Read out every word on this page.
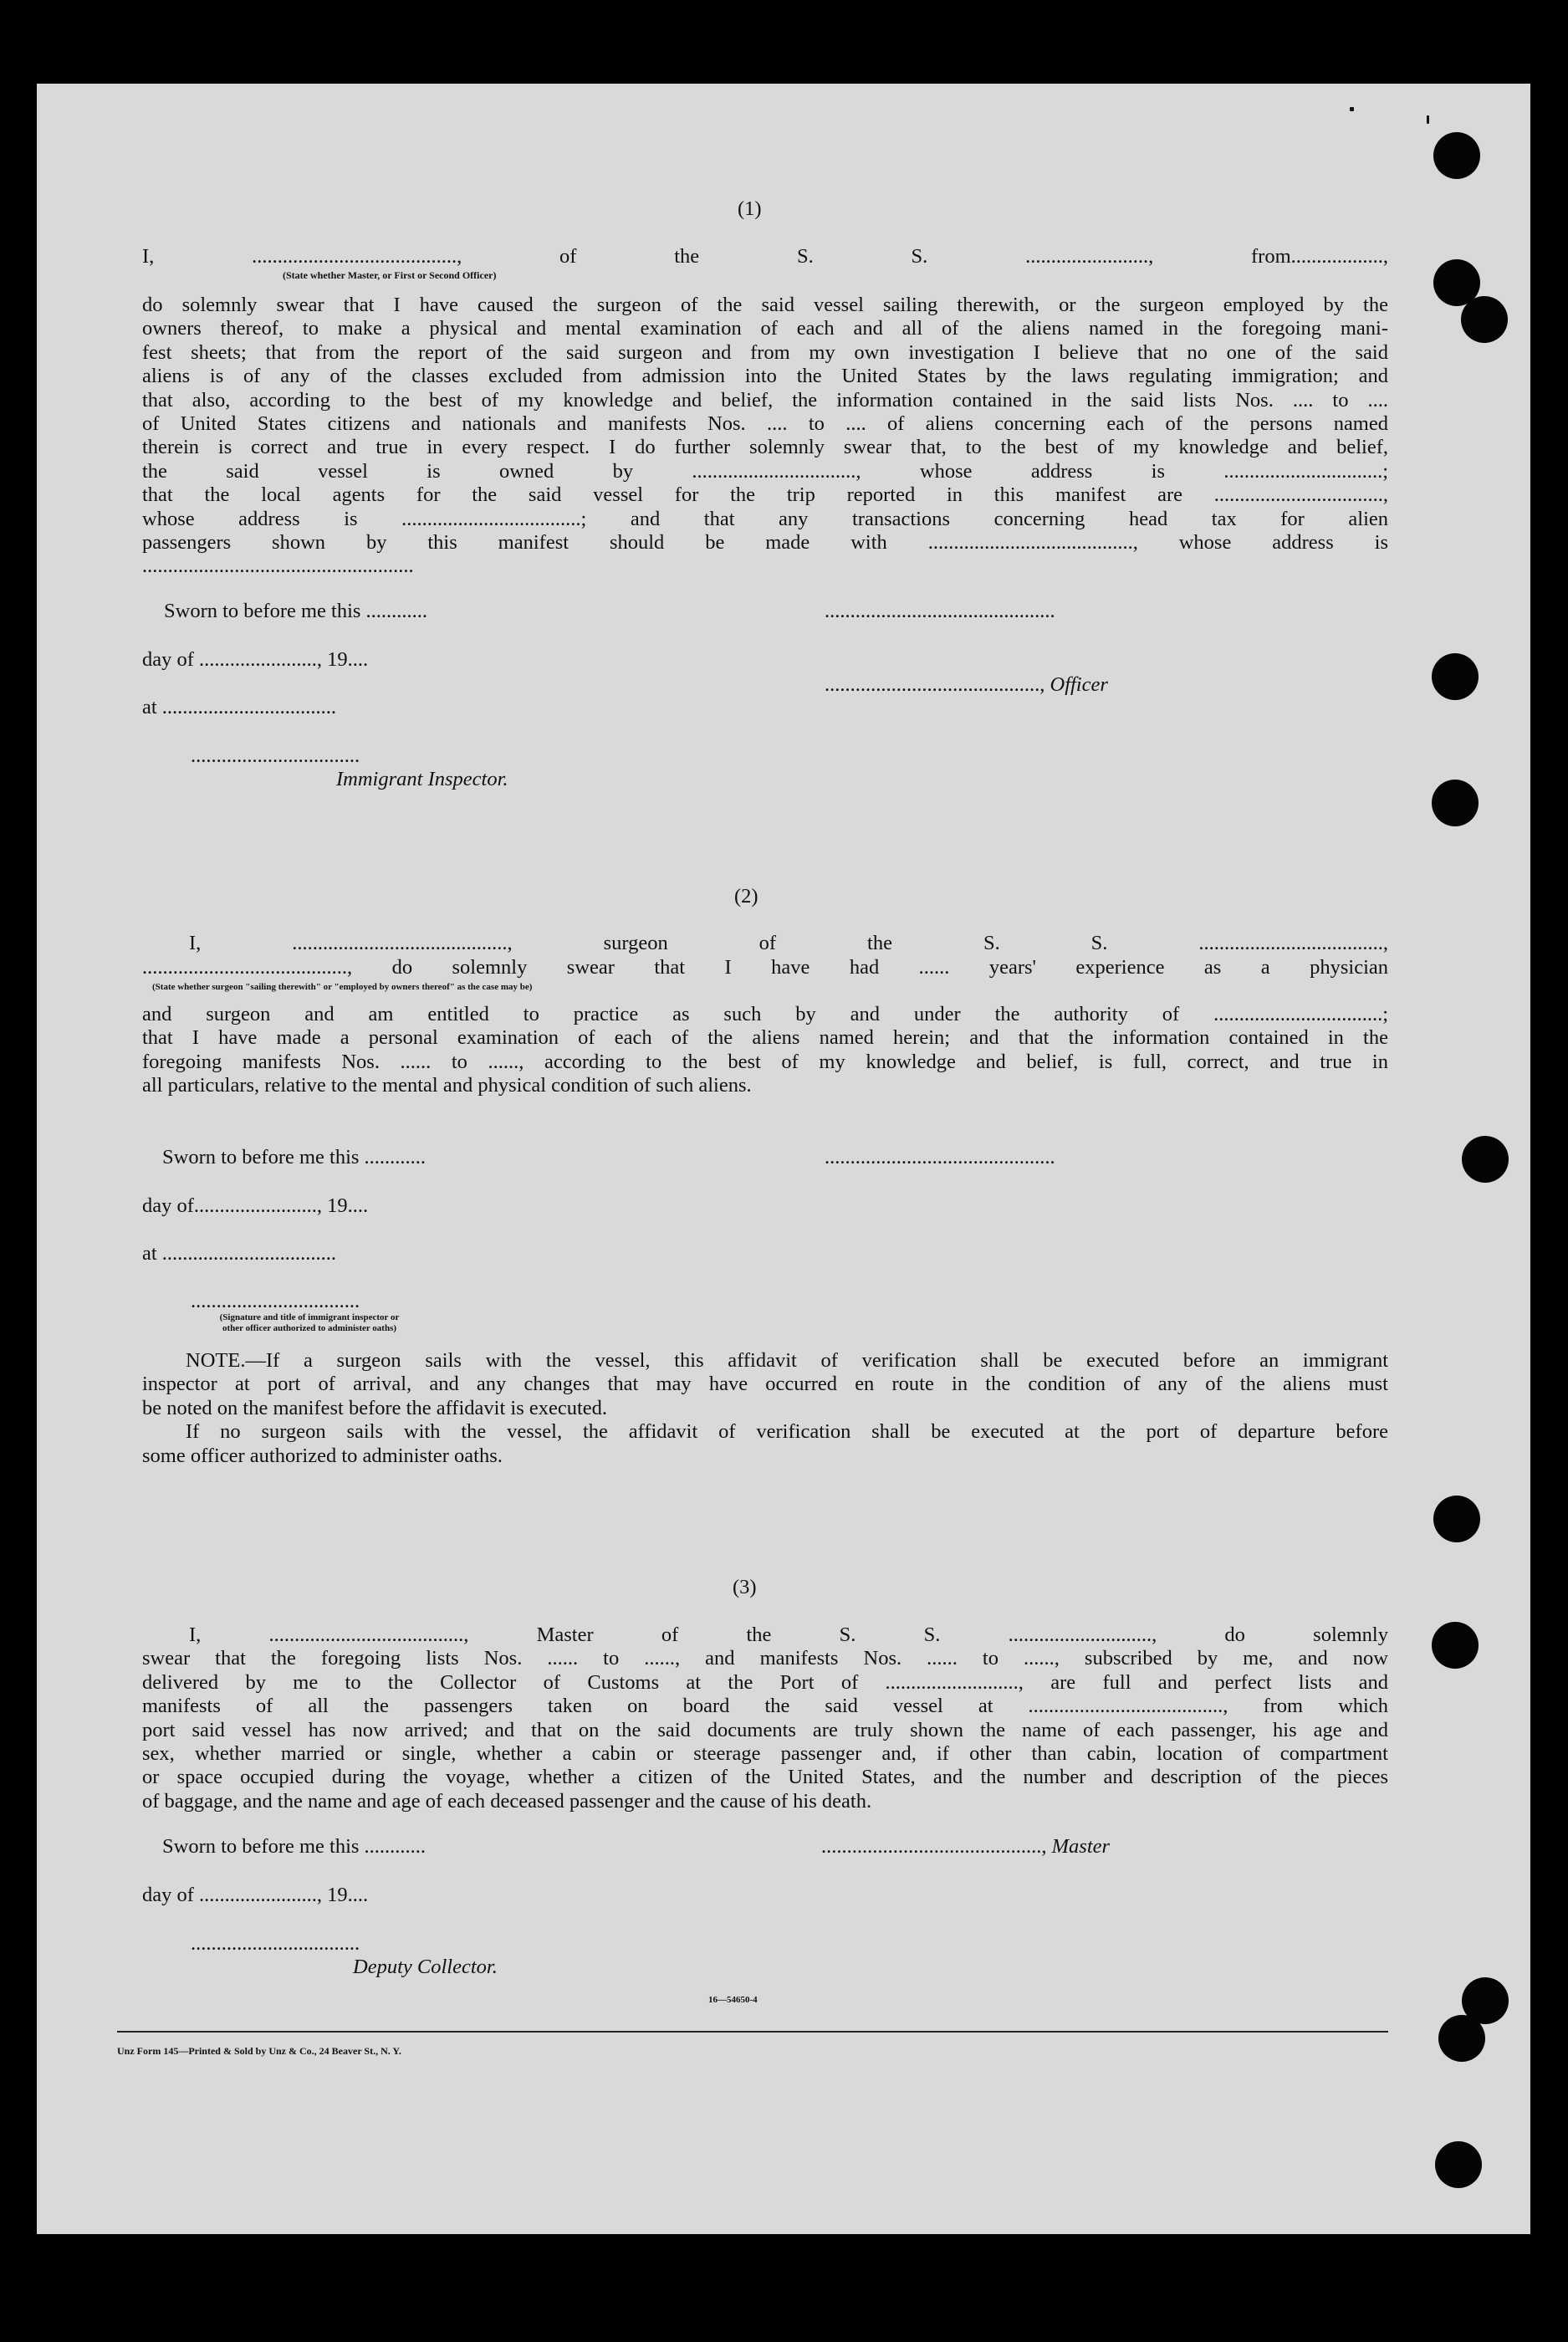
(1)
I, ........................................, of the S. S. ........................, from..................,
(State whether Master, or First or Second Officer)
do solemnly swear that I have caused the surgeon of the said vessel sailing therewith, or the surgeon employed by the
owners thereof, to make a physical and mental examination of each and all of the aliens named in the foregoing mani-
fest sheets; that from the report of the said surgeon and from my own investigation I believe that no one of the said
aliens is of any of the classes excluded from admission into the United States by the laws regulating immigration; and
that also, according to the best of my knowledge and belief, the information contained in the said lists Nos. .... to ....
of United States citizens and nationals and manifests Nos. .... to .... of aliens concerning each of the persons named
therein is correct and true in every respect. I do further solemnly swear that, to the best of my knowledge and belief,
the said vessel is owned by ................................, whose address is ...............................;
that the local agents for the said vessel for the trip reported in this manifest are .................................,
whose address is ...................................; and that any transactions concerning head tax for alien
passengers shown by this manifest should be made with ........................................, whose address is
.....................................................
Sworn to before me this ............
day of ......................., 19....
at ..................................
.................................
Immigrant Inspector.
.............................................
.........................................., Officer
(2)
I, .........................................., surgeon of the S. S. ....................................,
........................................, do solemnly swear that I have had ...... years' experience as a physician
(State whether surgeon "sailing therewith" or "employed by owners thereof" as the case may be)
and surgeon and am entitled to practice as such by and under the authority of .................................;
that I have made a personal examination of each of the aliens named herein; and that the information contained in the
foregoing manifests Nos. ...... to ......, according to the best of my knowledge and belief, is full, correct, and true in
all particulars, relative to the mental and physical condition of such aliens.
Sworn to before me this ............
day of........................, 19....
at ..................................
.................................
(Signature and title of immigrant inspector or
other officer authorized to administer oaths)
.............................................
NOTE.—If a surgeon sails with the vessel, this affidavit of verification shall be executed before an immigrant
inspector at port of arrival, and any changes that may have occurred en route in the condition of any of the aliens must
be noted on the manifest before the affidavit is executed.
If no surgeon sails with the vessel, the affidavit of verification shall be executed at the port of departure before
some officer authorized to administer oaths.
(3)
I, ......................................, Master of the S. S. ............................, do solemnly
swear that the foregoing lists Nos. ...... to ......, and manifests Nos. ...... to ......, subscribed by me, and now
delivered by me to the Collector of Customs at the Port of .........................., are full and perfect lists and
manifests of all the passengers taken on board the said vessel at ......................................, from which
port said vessel has now arrived; and that on the said documents are truly shown the name of each passenger, his age and
sex, whether married or single, whether a cabin or steerage passenger and, if other than cabin, location of compartment
or space occupied during the voyage, whether a citizen of the United States, and the number and description of the pieces
of baggage, and the name and age of each deceased passenger and the cause of his death.
Sworn to before me this ............
day of ......................., 19....
.................................
Deputy Collector.
..........................................., Master
16—54650-4
Unz Form 145—Printed & Sold by Unz & Co., 24 Beaver St., N. Y.
